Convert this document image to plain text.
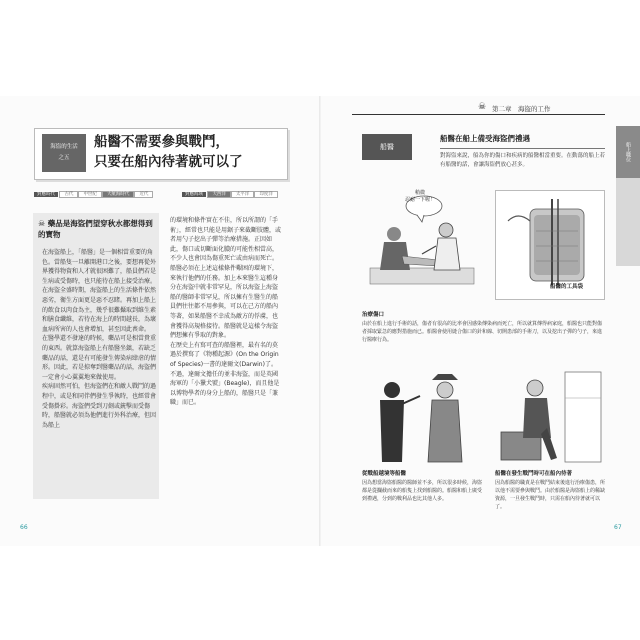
海盜的生活
之五
船醫不需要參與戰鬥，
只要在船內待著就可以了
對應時代 古代 中世紀 大航海時代 近代	對應海域 大西洋 太平洋 印度洋
☠ 藥品是海盜們望穿秋水都想得到的寶物
在海盜船上，「船醫」是一個相當重要的角色。當船隻一旦離開港口之後，要想再從外界獲得物資和人才就很困難了，船員們若是生病或受傷時，也只能待在船上接受治療。在海盜全盛時期，海盜船上的生活條件依然惡劣，衛生方面更是惡不忍睹。再加上船上的飲食以肉食為主，幾乎很難攝取到維生素和膳食纖維，若待在海上的時間越長，為壞血病所害的人也會增加，甚至因此喪命。
在醫學還不發達的時候，藥品可是相當貴重的東西。就算海盜船上有船醫坐鎮，若缺乏藥品的話，還是有可能發生傳染病肆虐的情形。因此，若是掠奪到醫藥品的話，海盜們一定會小心翼翼地來做使用。
疾病固然可怕，但海盜們在和敵人戰鬥的過程中，或是和同伴們發生爭執時，也經常會受傷掛彩。海盜們受到刀劍或銃擊而受傷時，船醫就必須為他們進行外科治療，但因為船上
的環境和條件實在不佳，所以所謂的「手術」，經常也只能是用鋸子來截斷肢體，或者用勺子挖出子彈等治療措施。正因如此，傷口或切斷面化膿的可能性相當高，不少人也會因為傷重死亡或由病而死亡。
船醫必須在上述這樣條件艱困的環境下，來執行他們的任務。加上本來醫生這種身分在海盜中就非常罕見，所以海盜上海盜船的醫師非常罕見，所以擁有生醫生的船員們往往都不用參與，可以在己方的船內等著，如果船醫不幸成為敵方的俘虜，也會獲得高規格接待。船醫就是這樣令海盜們想擁有爭取的對象。
在歷史上有寫可查的船醫裡，最有名的莫過於撰寫了《物種起源》(On the Origin of Species)一書的達爾文(Darwin)了。不過，達爾文擔任的並非海盜，而是英國海軍的「小獵犬號」(Beagle)，而且他是以博物學者的身分上船的，船醫只是「兼職」而已。
66
☠ 第二章　海盜的工作
船上職位
船醫
船醫在船上備受海盜們禮遇
對海盜來說，船為你的傷口和疾病的船醫相當重要。在動蕩的船上若有船醫的話，會讓海盜們放心甚多。
稍微
忍耐一下喔！
船醫的工具袋
治療傷口
由於在船上進行手術的話，傷者有很高的比率會因感染傳染病而死亡，所以就算傳得病家庭，船醫也只能對傷者採取緊急的應對措施而已。船醫會使用縫合傷口的針和線、切開患部的手術刀，以及挖出子彈的勺子，來進行醫療行為。
從戰船越境等船醫
因為想當海盜船醫的醫師並不多，所以很多時候，海盜都是從攔截而來的船隻上找到船醫的。船醫和船上廣受到禮遇，分到的戰利品也比其他人多。
船醫在發生戰鬥時可在船內待著
因為船醫的職責是在戰鬥結束後進行治療傷患，所以他不需要參與戰鬥。由於船醫是海盜船上的稀缺資源，一旦發生戰鬥時，只需在船內待著就可以了。
67
